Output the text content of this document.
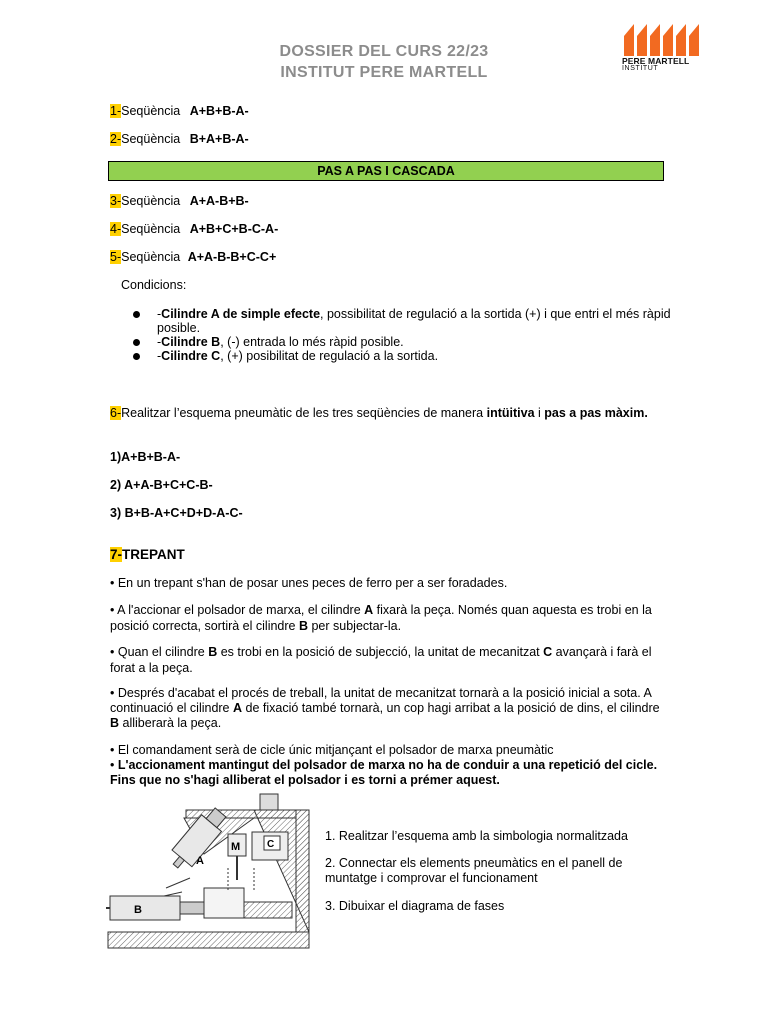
DOSSIER DEL CURS 22/23
INSTITUT PERE MARTELL
PERE MARTELL
INSTITUT
1-Seqüència A+B+B-A-
2-Seqüència B+A+B-A-
PAS A PAS I CASCADA
3-Seqüència A+A-B+B-
4-Seqüència A+B+C+B-C-A-
5-Seqüència A+A-B-B+C-C+
Condicions:
-Cilindre A de simple efecte, possibilitat de regulació a la sortida (+) i que entri el més ràpid posible.
-Cilindre B, (-) entrada lo més ràpid posible.
-Cilindre C, (+) posibilitat de regulació a la sortida.
6-Realitzar l’esquema pneumàtic de les tres seqüències de manera intüitiva i pas a pas màxim.
1)A+B+B-A-
2) A+A-B+C+C-B-
3) B+B-A+C+D+D-A-C-
7-TREPANT
• En un trepant s'han de posar unes peces de ferro per a ser foradades.
• A l'accionar el polsador de marxa, el cilindre A fixarà la peça. Només quan aquesta es trobi en la posició correcta, sortirà el cilindre B per subjectar-la.
• Quan el cilindre B es trobi en la posició de subjecció, la unitat de mecanitzat C avançarà i farà el forat a la peça.
• Després d'acabat el procés de treball, la unitat de mecanitzat tornarà a la posició inicial a sota. A continuació el cilindre A de fixació també tornarà, un cop hagi arribat a la posició de dins, el cilindre B alliberarà la peça.
• El comandament serà de cicle únic mitjançant el polsador de marxa pneumàtic
• L'accionament mantingut del polsador de marxa no ha de conduir a una repetició del cicle. Fins que no s'hagi alliberat el polsador i es torni a prémer aquest.
M	C
A
B
1. Realitzar l’esquema amb la simbologia normalitzada
2. Connectar els elements pneumàtics en el panell de muntatge i comprovar el funcionament
3. Dibuixar el diagrama de fases
